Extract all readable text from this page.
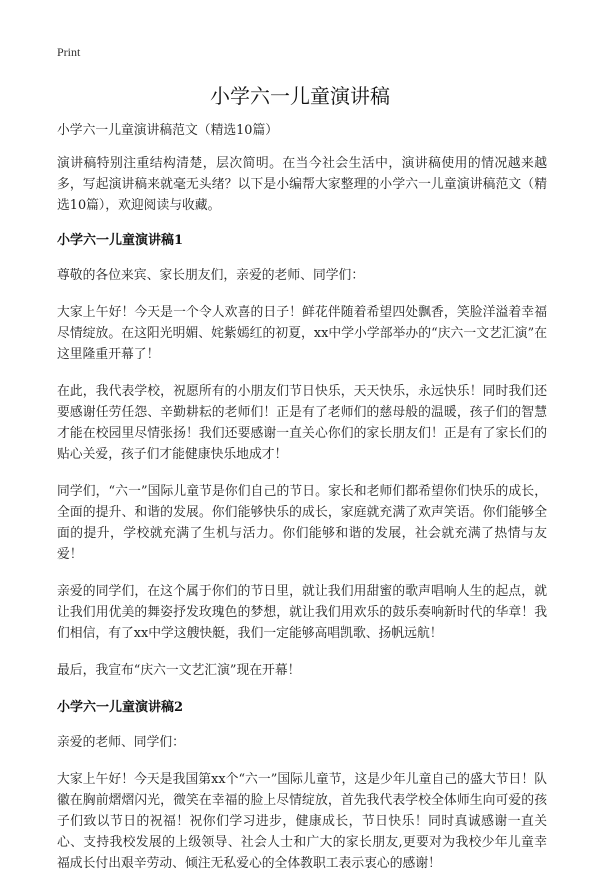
Print
小学六一儿童演讲稿

小学六一儿童演讲稿范文（精选10篇）

演讲稿特别注重结构清楚，层次简明。在当今社会生活中，演讲稿使用的情况越来越多，写起演讲稿来就毫无头绪？以下是小编帮大家整理的小学六一儿童演讲稿范文（精选10篇），欢迎阅读与收藏。

小学六一儿童演讲稿1

尊敬的各位来宾、家长朋友们，亲爱的老师、同学们：

大家上午好！今天是一个令人欢喜的日子！鲜花伴随着希望四处飘香，笑脸洋溢着幸福尽情绽放。在这阳光明媚、姹紫嫣红的初夏，xx中学小学部举办的“庆六一文艺汇演”在这里隆重开幕了！

在此，我代表学校，祝愿所有的小朋友们节日快乐，天天快乐，永远快乐！同时我们还要感谢任劳任怨、辛勤耕耘的老师们！正是有了老师们的慈母般的温暖，孩子们的智慧才能在校园里尽情张扬！我们还要感谢一直关心你们的家长朋友们！正是有了家长们的贴心关爱，孩子们才能健康快乐地成才！

同学们，“六一”国际儿童节是你们自己的节日。家长和老师们都希望你们快乐的成长，全面的提升、和谐的发展。你们能够快乐的成长，家庭就充满了欢声笑语。你们能够全面的提升，学校就充满了生机与活力。你们能够和谐的发展，社会就充满了热情与友爱！

亲爱的同学们，在这个属于你们的节日里，就让我们用甜蜜的歌声唱响人生的起点，就让我们用优美的舞姿抒发玫瑰色的梦想，就让我们用欢乐的鼓乐奏响新时代的华章！我们相信，有了xx中学这艘快艇，我们一定能够高唱凯歌、扬帆远航！

最后，我宣布“庆六一文艺汇演”现在开幕！

小学六一儿童演讲稿2

亲爱的老师、同学们：

大家上午好！今天是我国第xx个“六一”国际儿童节，这是少年儿童自己的盛大节日！队徽在胸前熠熠闪光，微笑在幸福的脸上尽情绽放，首先我代表学校全体师生向可爱的孩子们致以节日的祝福！祝你们学习进步，健康成长，节日快乐！同时真诚感谢一直关心、支持我校发展的上级领导、社会人士和广大的家长朋友,更要对为我校少年儿童幸福成长付出艰辛劳动、倾注无私爱心的全体教职工表示衷心的感谢！
